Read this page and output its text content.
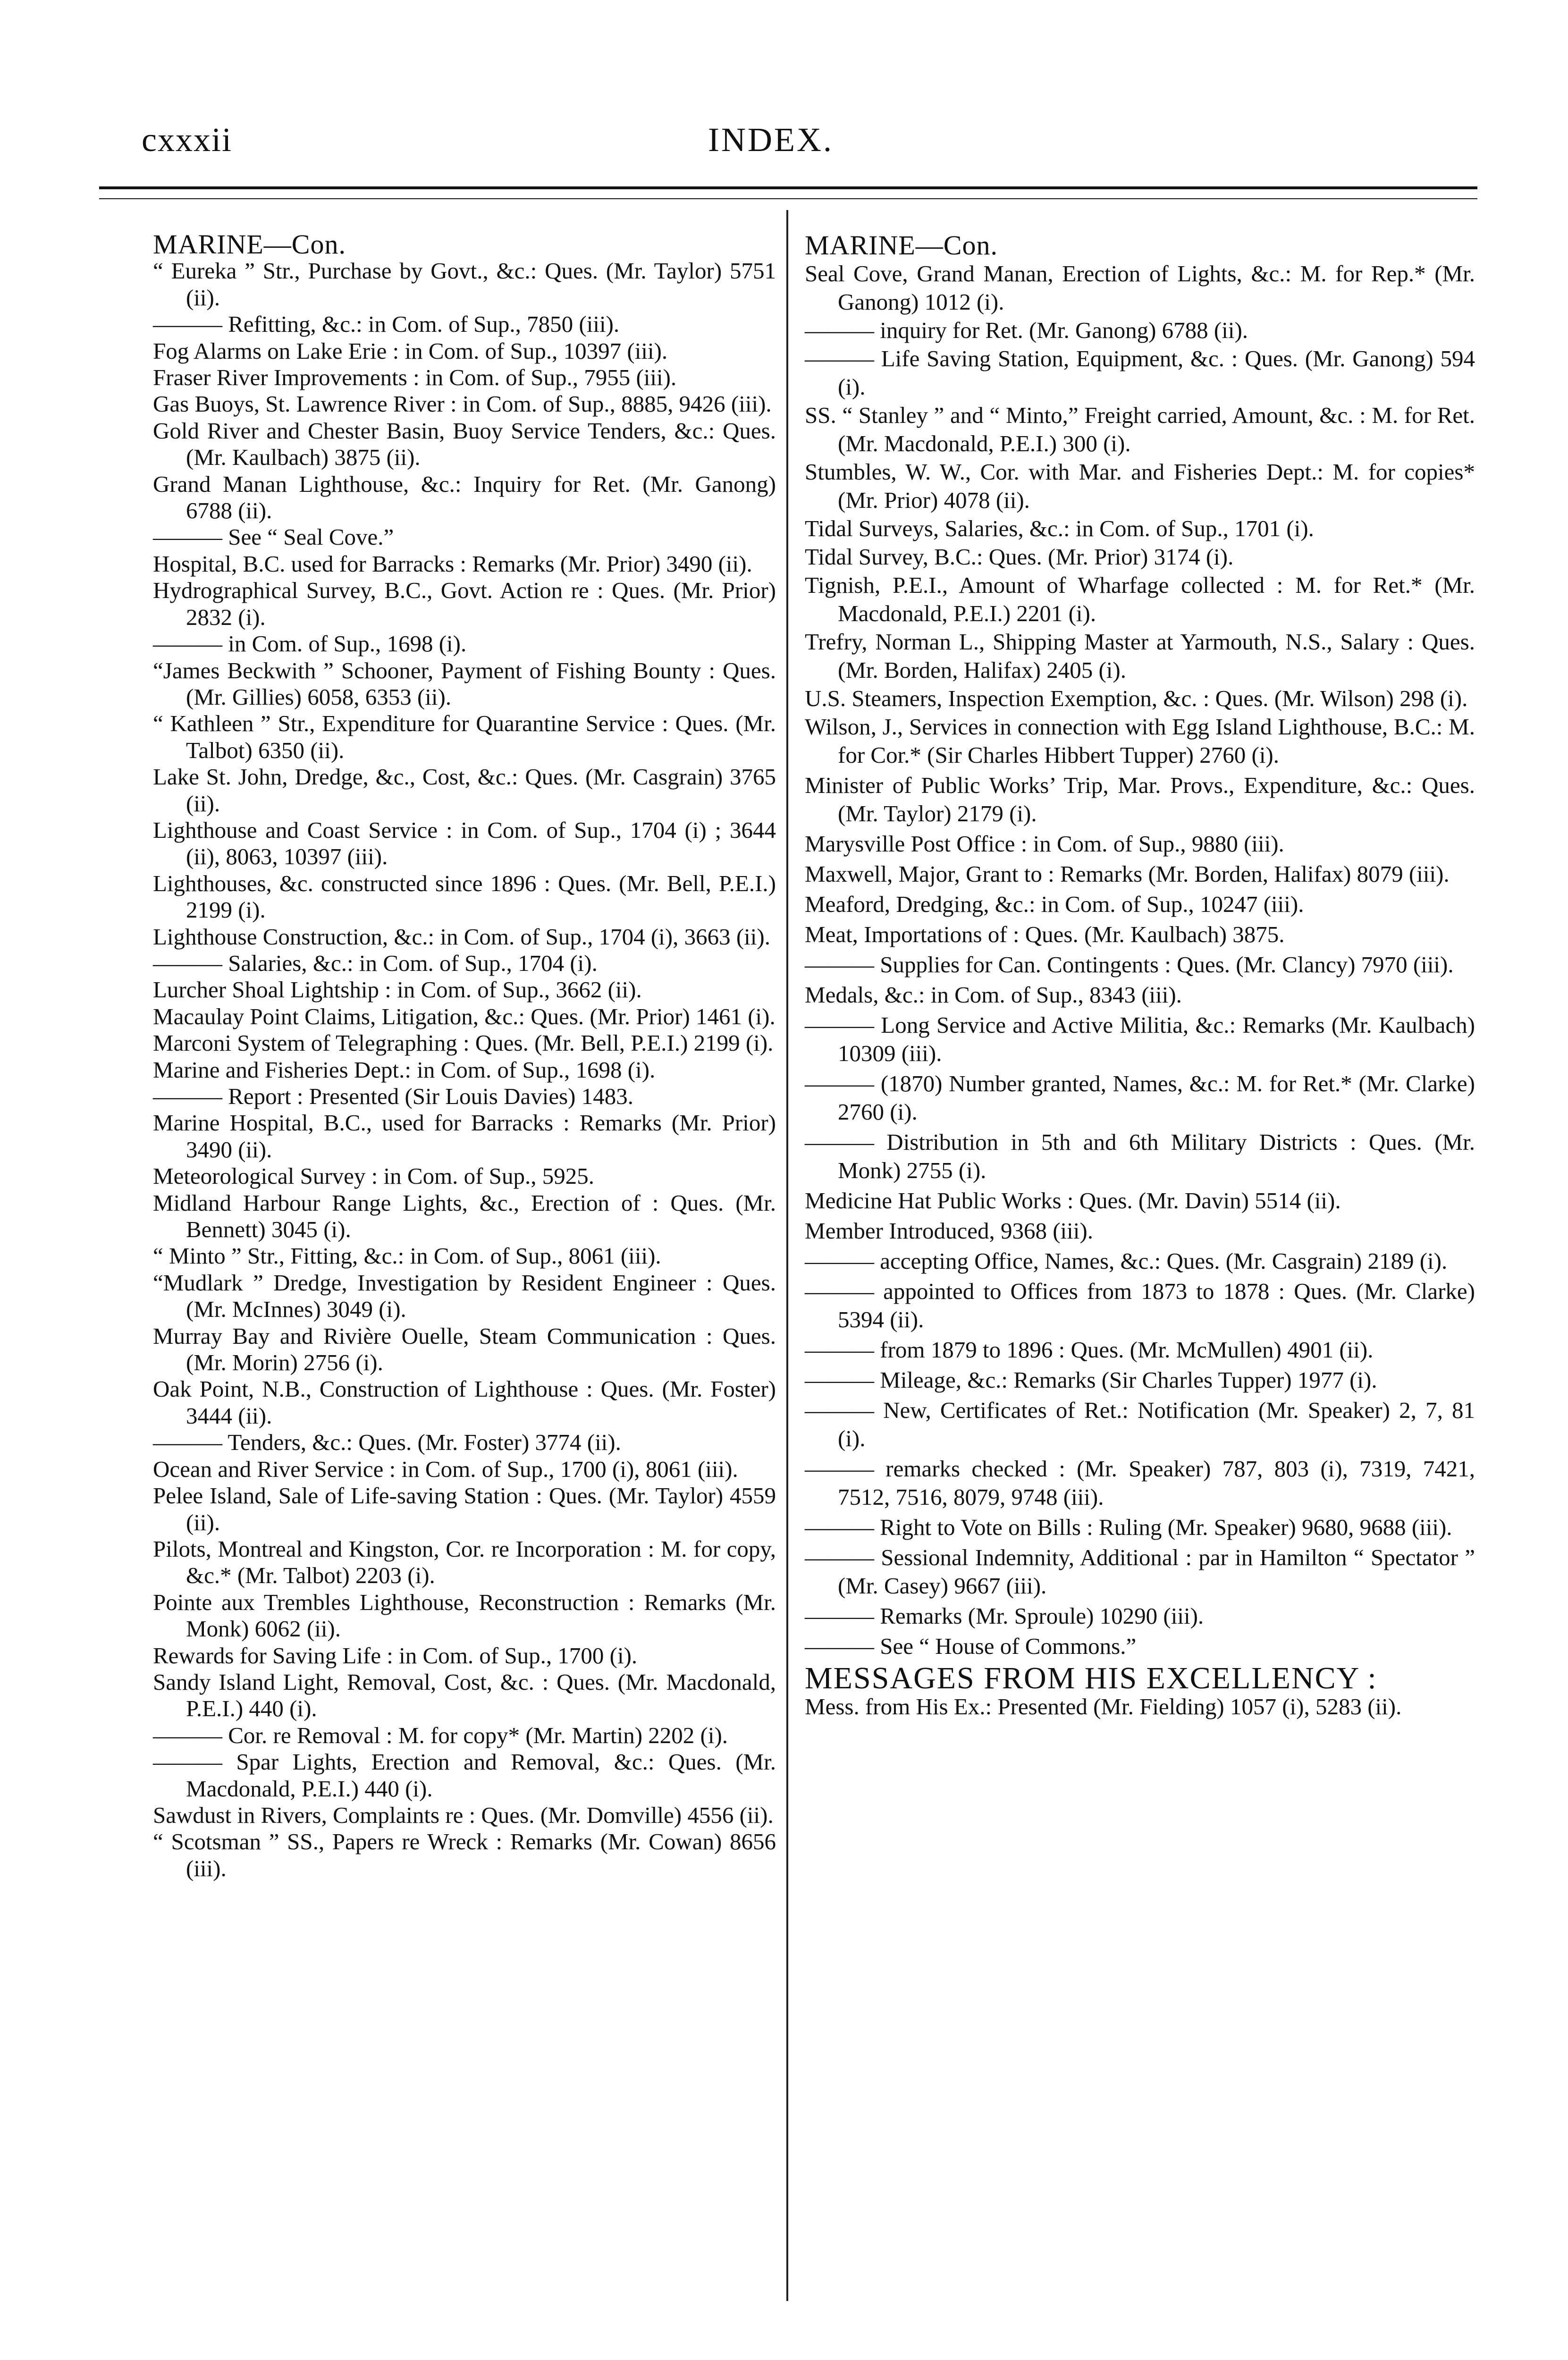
cxxxii	INDEX.
MARINE—Con.

“ Eureka ” Str., Purchase by Govt., &c.: Ques. (Mr. Taylor) 5751 (ii).

——— Refitting, &c.: in Com. of Sup., 7850 (iii).

Fog Alarms on Lake Erie : in Com. of Sup., 10397 (iii).

Fraser River Improvements : in Com. of Sup., 7955 (iii).

Gas Buoys, St. Lawrence River : in Com. of Sup., 8885, 9426 (iii).

Gold River and Chester Basin, Buoy Service Tenders, &c.: Ques. (Mr. Kaulbach) 3875 (ii).

Grand Manan Lighthouse, &c.: Inquiry for Ret. (Mr. Ganong) 6788 (ii).

——— See “ Seal Cove.”

Hospital, B.C. used for Barracks : Remarks (Mr. Prior) 3490 (ii).

Hydrographical Survey, B.C., Govt. Action re : Ques. (Mr. Prior) 2832 (i).

——— in Com. of Sup., 1698 (i).

“James Beckwith ” Schooner, Payment of Fishing Bounty : Ques. (Mr. Gillies) 6058, 6353 (ii).

“ Kathleen ” Str., Expenditure for Quarantine Service : Ques. (Mr. Talbot) 6350 (ii).

Lake St. John, Dredge, &c., Cost, &c.: Ques. (Mr. Casgrain) 3765 (ii).

Lighthouse and Coast Service : in Com. of Sup., 1704 (i) ; 3644 (ii), 8063, 10397 (iii).

Lighthouses, &c. constructed since 1896 : Ques. (Mr. Bell, P.E.I.) 2199 (i).

Lighthouse Construction, &c.: in Com. of Sup., 1704 (i), 3663 (ii).

——— Salaries, &c.: in Com. of Sup., 1704 (i).

Lurcher Shoal Lightship : in Com. of Sup., 3662 (ii).

Macaulay Point Claims, Litigation, &c.: Ques. (Mr. Prior) 1461 (i).

Marconi System of Telegraphing : Ques. (Mr. Bell, P.E.I.) 2199 (i).

Marine and Fisheries Dept.: in Com. of Sup., 1698 (i).

——— Report : Presented (Sir Louis Davies) 1483.

Marine Hospital, B.C., used for Barracks : Remarks (Mr. Prior) 3490 (ii).

Meteorological Survey : in Com. of Sup., 5925.

Midland Harbour Range Lights, &c., Erection of : Ques. (Mr. Bennett) 3045 (i).

“ Minto ” Str., Fitting, &c.: in Com. of Sup., 8061 (iii).

“Mudlark ” Dredge, Investigation by Resident Engineer : Ques. (Mr. McInnes) 3049 (i).

Murray Bay and Rivière Ouelle, Steam Communication : Ques. (Mr. Morin) 2756 (i).

Oak Point, N.B., Construction of Lighthouse : Ques. (Mr. Foster) 3444 (ii).

——— Tenders, &c.: Ques. (Mr. Foster) 3774 (ii).

Ocean and River Service : in Com. of Sup., 1700 (i), 8061 (iii).

Pelee Island, Sale of Life-saving Station : Ques. (Mr. Taylor) 4559 (ii).

Pilots, Montreal and Kingston, Cor. re Incorporation : M. for copy, &c.* (Mr. Talbot) 2203 (i).

Pointe aux Trembles Lighthouse, Reconstruction : Remarks (Mr. Monk) 6062 (ii).

Rewards for Saving Life : in Com. of Sup., 1700 (i).

Sandy Island Light, Removal, Cost, &c. : Ques. (Mr. Macdonald, P.E.I.) 440 (i).

——— Cor. re Removal : M. for copy* (Mr. Martin) 2202 (i).

——— Spar Lights, Erection and Removal, &c.: Ques. (Mr. Macdonald, P.E.I.) 440 (i).

Sawdust in Rivers, Complaints re : Ques. (Mr. Domville) 4556 (ii).

“ Scotsman ” SS., Papers re Wreck : Remarks (Mr. Cowan) 8656 (iii).

MARINE—Con.

Seal Cove, Grand Manan, Erection of Lights, &c.: M. for Rep.* (Mr. Ganong) 1012 (i).

——— inquiry for Ret. (Mr. Ganong) 6788 (ii).

——— Life Saving Station, Equipment, &c. : Ques. (Mr. Ganong) 594 (i).

SS. “ Stanley ” and “ Minto,” Freight carried, Amount, &c. : M. for Ret. (Mr. Macdonald, P.E.I.) 300 (i).

Stumbles, W. W., Cor. with Mar. and Fisheries Dept.: M. for copies* (Mr. Prior) 4078 (ii).

Tidal Surveys, Salaries, &c.: in Com. of Sup., 1701 (i).

Tidal Survey, B.C.: Ques. (Mr. Prior) 3174 (i).

Tignish, P.E.I., Amount of Wharfage collected : M. for Ret.* (Mr. Macdonald, P.E.I.) 2201 (i).

Trefry, Norman L., Shipping Master at Yarmouth, N.S., Salary : Ques. (Mr. Borden, Halifax) 2405 (i).

U.S. Steamers, Inspection Exemption, &c. : Ques. (Mr. Wilson) 298 (i).

Wilson, J., Services in connection with Egg Island Lighthouse, B.C.: M. for Cor.* (Sir Charles Hibbert Tupper) 2760 (i).

Minister of Public Works’ Trip, Mar. Provs., Expenditure, &c.: Ques. (Mr. Taylor) 2179 (i).

Marysville Post Office : in Com. of Sup., 9880 (iii).

Maxwell, Major, Grant to : Remarks (Mr. Borden, Halifax) 8079 (iii).

Meaford, Dredging, &c.: in Com. of Sup., 10247 (iii).

Meat, Importations of : Ques. (Mr. Kaulbach) 3875.

——— Supplies for Can. Contingents : Ques. (Mr. Clancy) 7970 (iii).

Medals, &c.: in Com. of Sup., 8343 (iii).

——— Long Service and Active Militia, &c.: Remarks (Mr. Kaulbach) 10309 (iii).

——— (1870) Number granted, Names, &c.: M. for Ret.* (Mr. Clarke) 2760 (i).

——— Distribution in 5th and 6th Military Districts : Ques. (Mr. Monk) 2755 (i).

Medicine Hat Public Works : Ques. (Mr. Davin) 5514 (ii).

Member Introduced, 9368 (iii).

——— accepting Office, Names, &c.: Ques. (Mr. Casgrain) 2189 (i).

——— appointed to Offices from 1873 to 1878 : Ques. (Mr. Clarke) 5394 (ii).

——— from 1879 to 1896 : Ques. (Mr. McMullen) 4901 (ii).

——— Mileage, &c.: Remarks (Sir Charles Tupper) 1977 (i).

——— New, Certificates of Ret.: Notification (Mr. Speaker) 2, 7, 81 (i).

——— remarks checked : (Mr. Speaker) 787, 803 (i), 7319, 7421, 7512, 7516, 8079, 9748 (iii).

——— Right to Vote on Bills : Ruling (Mr. Speaker) 9680, 9688 (iii).

——— Sessional Indemnity, Additional : par in Hamilton “ Spectator ” (Mr. Casey) 9667 (iii).

——— Remarks (Mr. Sproule) 10290 (iii).

——— See “ House of Commons.”

MESSAGES FROM HIS EXCELLENCY :

Mess. from His Ex.: Presented (Mr. Fielding) 1057 (i), 5283 (ii).
